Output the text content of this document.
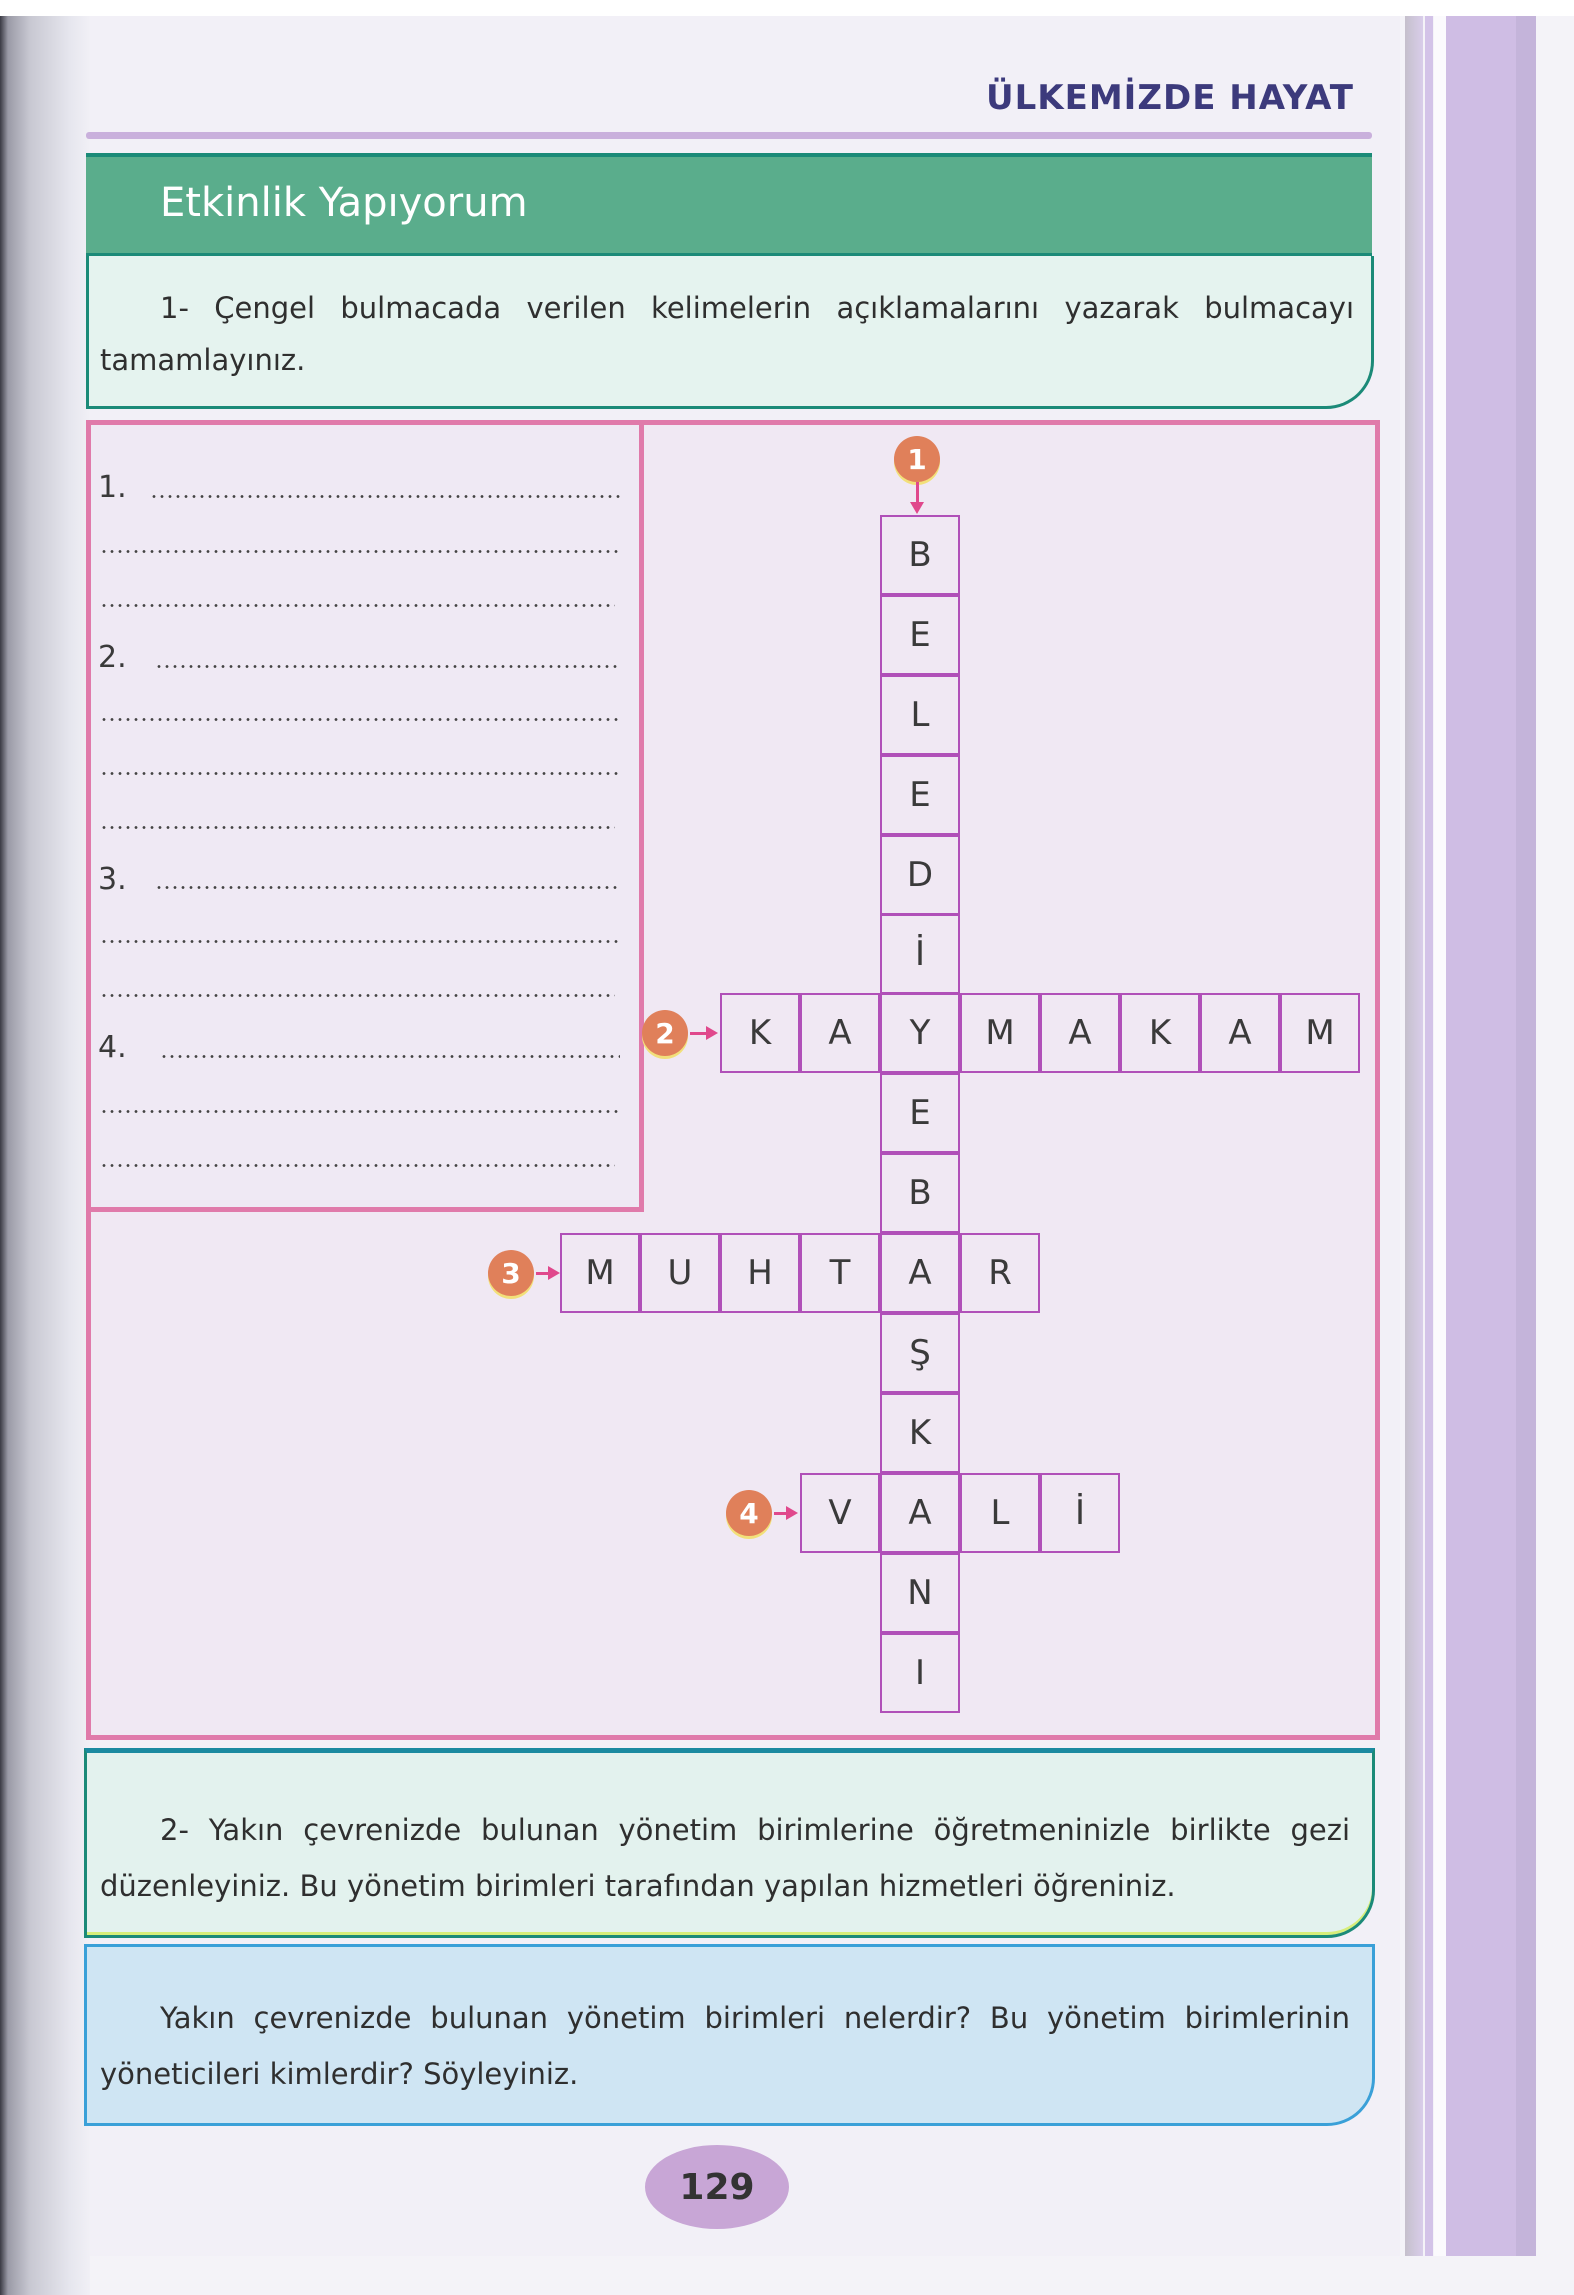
ÜLKEMİZDE HAYAT
Etkinlik Yapıyorum
1- Çengel bulmacada verilen kelimelerin açıklamalarını yazarak bulmacayı tamamlayınız.
1.
2.
3.
4.
1
2
3
4
B
E
L
E
D
İ
E
B
Ş
K
N
I
K	A	Y	M	A	K	A	M
M	U	H	T	A	R
V	A	L	İ
2- Yakın çevrenizde bulunan yönetim birimlerine öğretmeninizle birlikte gezi düzenleyiniz. Bu yönetim birimleri tarafından yapılan hizmetleri öğreniniz.
Yakın çevrenizde bulunan yönetim birimleri nelerdir? Bu yönetim birimlerinin yöneticileri kimlerdir? Söyleyiniz.
129
